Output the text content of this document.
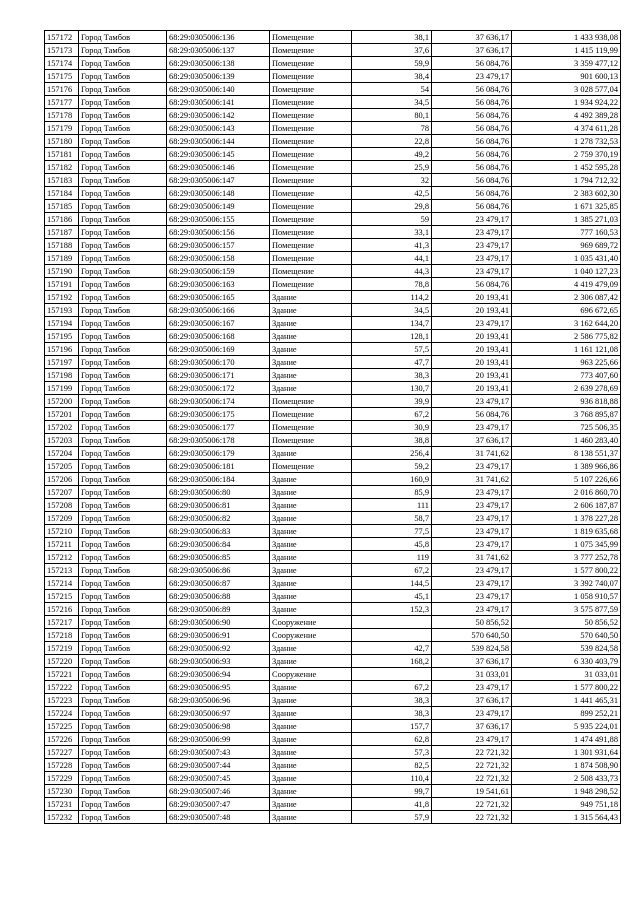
157172	Город Тамбов	68:29:0305006:136	Помещение	38,1	37 636,17	1 433 938,08
157173	Город Тамбов	68:29:0305006:137	Помещение	37,6	37 636,17	1 415 119,99
157174	Город Тамбов	68:29:0305006:138	Помещение	59,9	56 084,76	3 359 477,12
157175	Город Тамбов	68:29:0305006:139	Помещение	38,4	23 479,17	901 600,13
157176	Город Тамбов	68:29:0305006:140	Помещение	54	56 084,76	3 028 577,04
157177	Город Тамбов	68:29:0305006:141	Помещение	34,5	56 084,76	1 934 924,22
157178	Город Тамбов	68:29:0305006:142	Помещение	80,1	56 084,76	4 492 389,28
157179	Город Тамбов	68:29:0305006:143	Помещение	78	56 084,76	4 374 611,28
157180	Город Тамбов	68:29:0305006:144	Помещение	22,8	56 084,76	1 278 732,53
157181	Город Тамбов	68:29:0305006:145	Помещение	49,2	56 084,76	2 759 370,19
157182	Город Тамбов	68:29:0305006:146	Помещение	25,9	56 084,76	1 452 595,28
157183	Город Тамбов	68:29:0305006:147	Помещение	32	56 084,76	1 794 712,32
157184	Город Тамбов	68:29:0305006:148	Помещение	42,5	56 084,76	2 383 602,30
157185	Город Тамбов	68:29:0305006:149	Помещение	29,8	56 084,76	1 671 325,85
157186	Город Тамбов	68:29:0305006:155	Помещение	59	23 479,17	1 385 271,03
157187	Город Тамбов	68:29:0305006:156	Помещение	33,1	23 479,17	777 160,53
157188	Город Тамбов	68:29:0305006:157	Помещение	41,3	23 479,17	969 689,72
157189	Город Тамбов	68:29:0305006:158	Помещение	44,1	23 479,17	1 035 431,40
157190	Город Тамбов	68:29:0305006:159	Помещение	44,3	23 479,17	1 040 127,23
157191	Город Тамбов	68:29:0305006:163	Помещение	78,8	56 084,76	4 419 479,09
157192	Город Тамбов	68:29:0305006:165	Здание	114,2	20 193,41	2 306 087,42
157193	Город Тамбов	68:29:0305006:166	Здание	34,5	20 193,41	696 672,65
157194	Город Тамбов	68:29:0305006:167	Здание	134,7	23 479,17	3 162 644,20
157195	Город Тамбов	68:29:0305006:168	Здание	128,1	20 193,41	2 586 775,82
157196	Город Тамбов	68:29:0305006:169	Здание	57,5	20 193,41	1 161 121,08
157197	Город Тамбов	68:29:0305006:170	Здание	47,7	20 193,41	963 225,66
157198	Город Тамбов	68:29:0305006:171	Здание	38,3	20 193,41	773 407,60
157199	Город Тамбов	68:29:0305006:172	Здание	130,7	20 193,41	2 639 278,69
157200	Город Тамбов	68:29:0305006:174	Помещение	39,9	23 479,17	936 818,88
157201	Город Тамбов	68:29:0305006:175	Помещение	67,2	56 084,76	3 768 895,87
157202	Город Тамбов	68:29:0305006:177	Помещение	30,9	23 479,17	725 506,35
157203	Город Тамбов	68:29:0305006:178	Помещение	38,8	37 636,17	1 460 283,40
157204	Город Тамбов	68:29:0305006:179	Здание	256,4	31 741,62	8 138 551,37
157205	Город Тамбов	68:29:0305006:181	Помещение	59,2	23 479,17	1 389 966,86
157206	Город Тамбов	68:29:0305006:184	Здание	160,9	31 741,62	5 107 226,66
157207	Город Тамбов	68:29:0305006:80	Здание	85,9	23 479,17	2 016 860,70
157208	Город Тамбов	68:29:0305006:81	Здание	111	23 479,17	2 606 187,87
157209	Город Тамбов	68:29:0305006:82	Здание	58,7	23 479,17	1 378 227,28
157210	Город Тамбов	68:29:0305006:83	Здание	77,5	23 479,17	1 819 635,68
157211	Город Тамбов	68:29:0305006:84	Здание	45,8	23 479,17	1 075 345,99
157212	Город Тамбов	68:29:0305006:85	Здание	119	31 741,62	3 777 252,78
157213	Город Тамбов	68:29:0305006:86	Здание	67,2	23 479,17	1 577 800,22
157214	Город Тамбов	68:29:0305006:87	Здание	144,5	23 479,17	3 392 740,07
157215	Город Тамбов	68:29:0305006:88	Здание	45,1	23 479,17	1 058 910,57
157216	Город Тамбов	68:29:0305006:89	Здание	152,3	23 479,17	3 575 877,59
157217	Город Тамбов	68:29:0305006:90	Сооружение		50 856,52	50 856,52
157218	Город Тамбов	68:29:0305006:91	Сооружение		570 640,50	570 640,50
157219	Город Тамбов	68:29:0305006:92	Здание	42,7	539 824,58	539 824,58
157220	Город Тамбов	68:29:0305006:93	Здание	168,2	37 636,17	6 330 403,79
157221	Город Тамбов	68:29:0305006:94	Сооружение		31 033,01	31 033,01
157222	Город Тамбов	68:29:0305006:95	Здание	67,2	23 479,17	1 577 800,22
157223	Город Тамбов	68:29:0305006:96	Здание	38,3	37 636,17	1 441 465,31
157224	Город Тамбов	68:29:0305006:97	Здание	38,3	23 479,17	899 252,21
157225	Город Тамбов	68:29:0305006:98	Здание	157,7	37 636,17	5 935 224,01
157226	Город Тамбов	68:29:0305006:99	Здание	62,8	23 479,17	1 474 491,88
157227	Город Тамбов	68:29:0305007:43	Здание	57,3	22 721,32	1 301 931,64
157228	Город Тамбов	68:29:0305007:44	Здание	82,5	22 721,32	1 874 508,90
157229	Город Тамбов	68:29:0305007:45	Здание	110,4	22 721,32	2 508 433,73
157230	Город Тамбов	68:29:0305007:46	Здание	99,7	19 541,61	1 948 298,52
157231	Город Тамбов	68:29:0305007:47	Здание	41,8	22 721,32	949 751,18
157232	Город Тамбов	68:29:0305007:48	Здание	57,9	22 721,32	1 315 564,43
